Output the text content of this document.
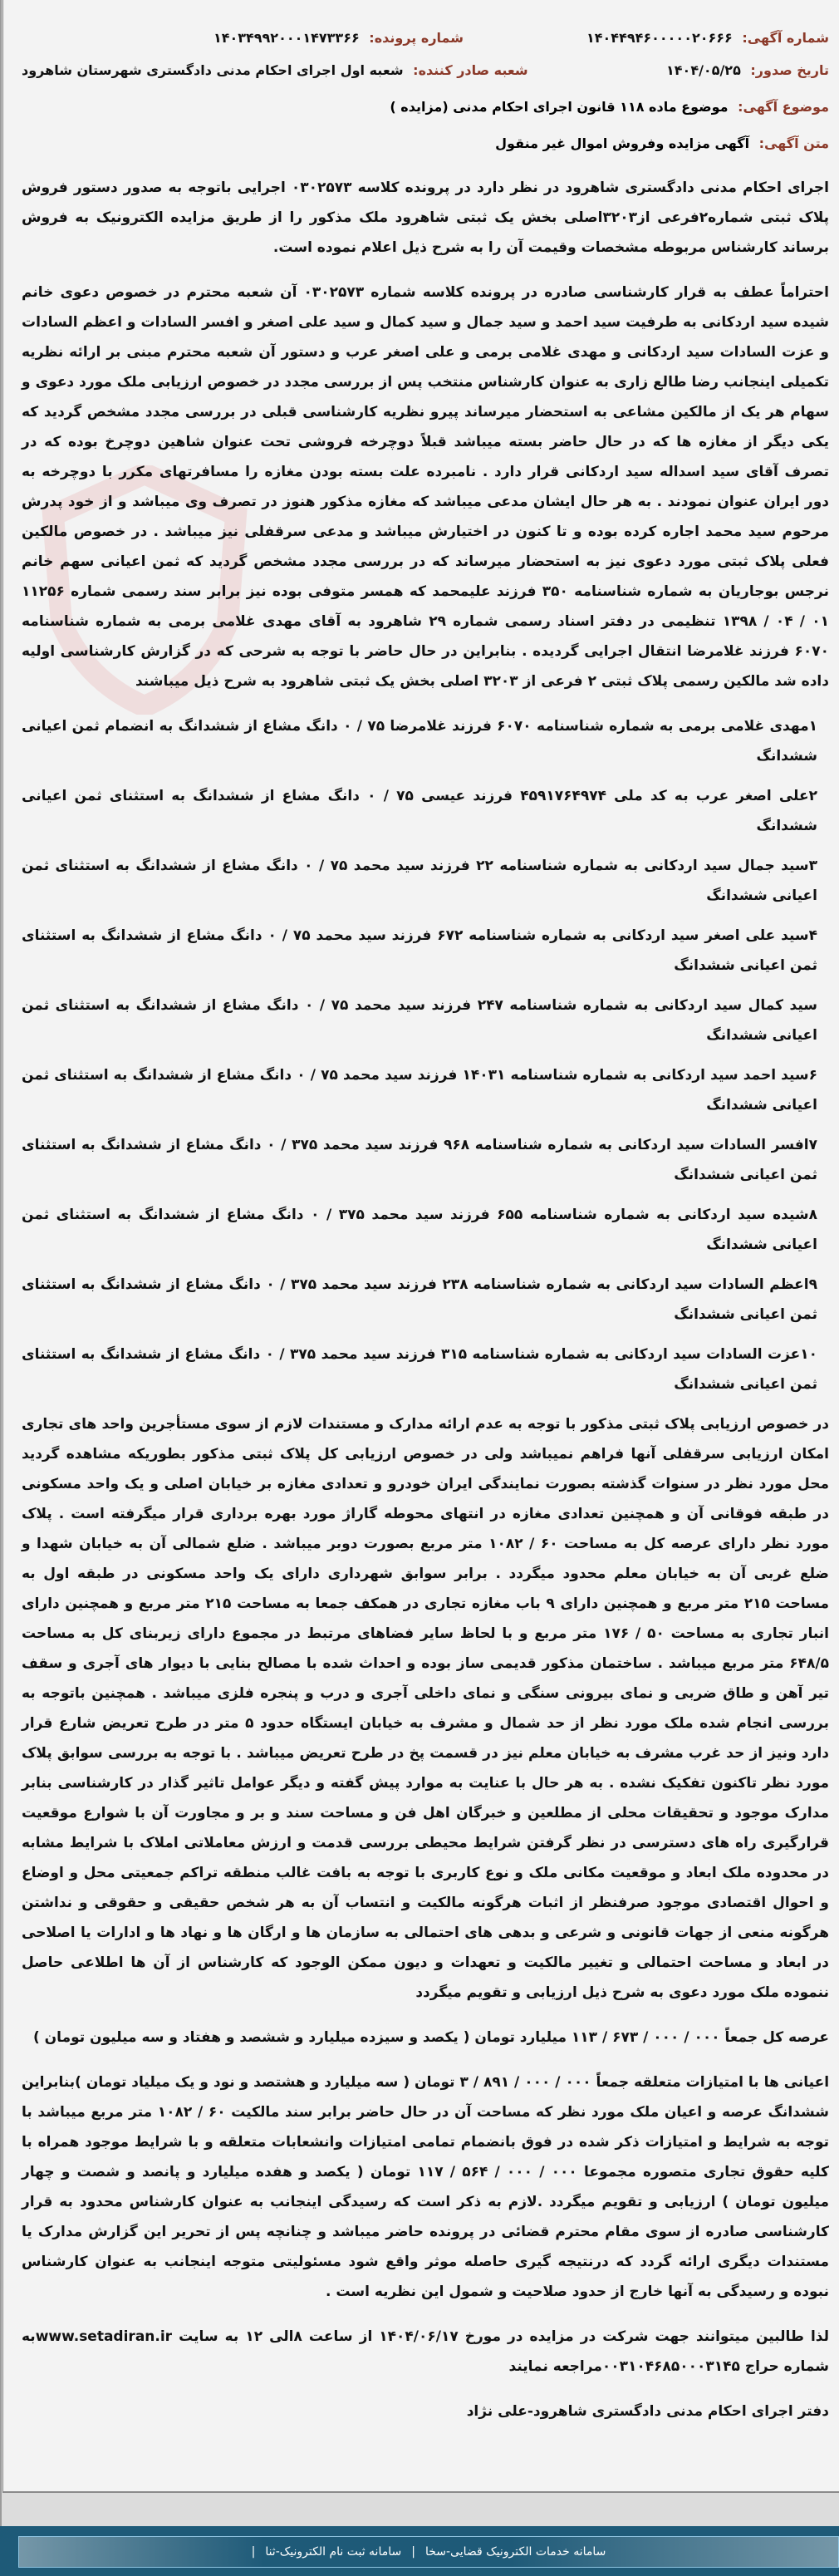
شماره آگهی: ۱۴۰۴۴۹۴۶۰۰۰۰۰۲۰۶۶۶
شماره پرونده: ۱۴۰۳۴۹۹۲۰۰۰۱۴۷۳۳۶۶
تاریخ صدور: ۱۴۰۴/۰۵/۲۵
شعبه صادر کننده: شعبه اول اجرای احکام مدنی دادگستری شهرستان شاهرود
موضوع آگهی: موضوع ماده ۱۱۸ قانون اجرای احکام مدنی (مزایده )
متن آگهی: آگهی مزایده وفروش اموال غیر منقول

اجرای احکام مدنی دادگستری شاهرود در نظر دارد در پرونده کلاسه ۰۳۰۲۵۷۳ اجرایی باتوجه به صدور دستور فروش پلاک ثبتی شماره۲فرعی از۳۲۰۳اصلی بخش یک ثبتی شاهرود ملک مذکور را از طریق مزایده الکترونیک به فروش برساند کارشناس مربوطه مشخصات وقیمت آن را به شرح ذیل اعلام نموده است.

احتراماً عطف به قرار کارشناسی صادره در پرونده کلاسه شماره ۰۳۰۲۵۷۳ آن شعبه محترم در خصوص دعوی خانم شیده سید اردکانی به طرفیت سید احمد و سید جمال و سید کمال و سید علی اصغر و افسر السادات و اعظم السادات و عزت السادات سید اردکانی و مهدی غلامی برمی و علی اصغر عرب و دستور آن شعبه محترم مبنی بر ارائه نظریه تکمیلی اینجانب رضا طالع زاری به عنوان کارشناس منتخب پس از بررسی مجدد در خصوص ارزیابی ملک مورد دعوی و سهام هر یک از مالکین مشاعی به استحضار میرساند پیرو نظریه کارشناسی قبلی در بررسی مجدد مشخص گردید که یکی دیگر از مغازه ها که در حال حاضر بسته میباشد قبلاً دوچرخه فروشی تحت عنوان شاهین دوچرخ بوده که در تصرف آقای سید اسداله سید اردکانی قرار دارد . نامبرده علت بسته بودن مغازه را مسافرتهای مکرر با دوچرخه به دور ایران عنوان نمودند . به هر حال ایشان مدعی میباشد که مغازه مذکور هنوز در تصرف وی میباشد و از خود پدرش مرحوم سید محمد اجاره کرده بوده و تا کنون در اختیارش میباشد و مدعی سرقفلی نیز میباشد . در خصوص مالکین فعلی پلاک ثبتی مورد دعوی نیز به استحضار میرساند که در بررسی مجدد مشخص گردید که ثمن اعیانی سهم خانم نرجس بوجاریان به شماره شناسنامه ۳۵۰ فرزند علیمحمد که همسر متوفی بوده نیز برابر سند رسمی شماره ۱۱۲۵۶ ۰۱ / ۰۴ / ۱۳۹۸ تنظیمی در دفتر اسناد رسمی شماره ۲۹ شاهرود به آقای مهدی غلامی برمی به شماره شناسنامه ۶۰۷۰ فرزند غلامرضا انتقال اجرایی گردیده . بنابراین در حال حاضر با توجه به شرحی که در گزارش کارشناسی اولیه داده شد مالکین رسمی پلاک ثبتی ۲ فرعی از ۳۲۰۳ اصلی بخش یک ثبتی شاهرود به شرح ذیل میباشند

۱مهدی غلامی برمی به شماره شناسنامه ۶۰۷۰ فرزند غلامرضا ۷۵ / ۰ دانگ مشاع از ششدانگ به انضمام ثمن اعیانی ششدانگ

۲علی اصغر عرب به کد ملی ۴۵۹۱۷۶۴۹۷۴ فرزند عیسی ۷۵ / ۰ دانگ مشاع از ششدانگ به استثنای ثمن اعیانی ششدانگ

۳سید جمال سید اردکانی به شماره شناسنامه ۲۲ فرزند سید محمد ۷۵ / ۰ دانگ مشاع از ششدانگ به استثنای ثمن اعیانی ششدانگ

۴سید علی اصغر سید اردکانی به شماره شناسنامه ۶۷۲ فرزند سید محمد ۷۵ / ۰ دانگ مشاع از ششدانگ به استثنای ثمن اعیانی ششدانگ

سید کمال سید اردکانی به شماره شناسنامه ۲۴۷ فرزند سید محمد ۷۵ / ۰ دانگ مشاع از ششدانگ به استثنای ثمن اعیانی ششدانگ

۶سید احمد سید اردکانی به شماره شناسنامه ۱۴۰۳۱ فرزند سید محمد ۷۵ / ۰ دانگ مشاع از ششدانگ به استثنای ثمن اعیانی ششدانگ

۷افسر السادات سید اردکانی به شماره شناسنامه ۹۶۸ فرزند سید محمد ۳۷۵ / ۰ دانگ مشاع از ششدانگ به استثنای ثمن اعیانی ششدانگ

۸شیده سید اردکانی به شماره شناسنامه ۶۵۵ فرزند سید محمد ۳۷۵ / ۰ دانگ مشاع از ششدانگ به استثنای ثمن اعیانی ششدانگ

۹اعظم السادات سید اردکانی به شماره شناسنامه ۲۳۸ فرزند سید محمد ۳۷۵ / ۰ دانگ مشاع از ششدانگ به استثنای ثمن اعیانی ششدانگ

۱۰عزت السادات سید اردکانی به شماره شناسنامه ۳۱۵ فرزند سید محمد ۳۷۵ / ۰ دانگ مشاع از ششدانگ به استثنای ثمن اعیانی ششدانگ

در خصوص ارزیابی پلاک ثبتی مذکور با توجه به عدم ارائه مدارک و مستندات لازم از سوی مستأجرین واحد های تجاری امکان ارزیابی سرقفلی آنها فراهم نمیباشد ولی در خصوص ارزیابی کل پلاک ثبتی مذکور بطوریکه مشاهده گردید محل مورد نظر در سنوات گذشته بصورت نمایندگی ایران خودرو و تعدادی مغازه بر خیابان اصلی و یک واحد مسکونی در طبقه فوقانی آن و همچنین تعدادی مغازه در انتهای محوطه گاراژ مورد بهره برداری قرار میگرفته است . پلاک مورد نظر دارای عرصه کل به مساحت ۶۰ / ۱۰۸۲ متر مربع بصورت دوبر میباشد . ضلع شمالی آن به خیابان شهدا و ضلع غربی آن به خیابان معلم محدود میگردد . برابر سوابق شهرداری دارای یک واحد مسکونی در طبقه اول به مساحت ۲۱۵ متر مربع و همچنین دارای ۹ باب مغازه تجاری در همکف جمعا به مساحت ۲۱۵ متر مربع و همچنین دارای انبار تجاری به مساحت ۵۰ / ۱۷۶ متر مربع و با لحاظ سایر فضاهای مرتبط در مجموع دارای زیربنای کل به مساحت ۶۴۸/۵ متر مربع میباشد . ساختمان مذکور قدیمی ساز بوده و احداث شده با مصالح بنایی با دیوار های آجری و سقف تیر آهن و طاق ضربی و نمای بیرونی سنگی و نمای داخلی آجری و درب و پنجره فلزی میباشد . همچنین باتوجه به بررسی انجام شده ملک مورد نظر از حد شمال و مشرف به خیابان ایستگاه حدود ۵ متر در طرح تعریض شارع قرار دارد ونیز از حد غرب مشرف به خیابان معلم نیز در قسمت پخ در طرح تعریض میباشد . با توجه به بررسی سوابق پلاک مورد نظر تاکنون تفکیک نشده . به هر حال با عنایت به موارد پیش گفته و دیگر عوامل تاثیر گذار در کارشناسی بنابر مدارک موجود و تحقیقات محلی از مطلعین و خبرگان اهل فن و مساحت سند و بر و مجاورت آن با شوارع موقعیت قرارگیری راه های دسترسی در نظر گرفتن شرایط محیطی بررسی قدمت و ارزش معاملاتی املاک با شرایط مشابه در محدوده ملک ابعاد و موقعیت مکانی ملک و نوع کاربری با توجه به بافت غالب منطقه تراکم جمعیتی محل و اوضاع و احوال اقتصادی موجود صرفنظر از اثبات هرگونه مالکیت و انتساب آن به هر شخص حقیقی و حقوقی و نداشتن هرگونه منعی از جهات قانونی و شرعی و بدهی های احتمالی به سازمان ها و ارگان ها و نهاد ها و ادارات یا اصلاحی در ابعاد و مساحت احتمالی و تغییر مالکیت و تعهدات و دیون ممکن الوجود که کارشناس از آن ها اطلاعی حاصل ننموده ملک مورد دعوی به شرح ذیل ارزیابی و تقویم میگردد

عرصه کل جمعاً ۰۰۰ / ۰۰۰ / ۶۷۳ / ۱۱۳ میلیارد تومان ( یکصد و سیزده میلیارد و ششصد و هفتاد و سه میلیون تومان )

اعیانی ها با امتیازات متعلقه جمعاً ۰۰۰ / ۰۰۰ / ۸۹۱ / ۳ تومان ( سه میلیارد و هشتصد و نود و یک میلیاد تومان )بنابراین ششدانگ عرصه و اعیان ملک مورد نظر که مساحت آن در حال حاضر برابر سند مالکیت ۶۰ / ۱۰۸۲ متر مربع میباشد با توجه به شرایط و امتیازات ذکر شده در فوق بانضمام تمامی امتیازات وانشعابات متعلقه و با شرایط موجود همراه با کلیه حقوق تجاری متصوره مجموعا ۰۰۰ / ۰۰۰ / ۵۶۴ / ۱۱۷ تومان ( یکصد و هفده میلیارد و پانصد و شصت و چهار میلیون تومان ) ارزیابی و تقویم میگردد .لازم به ذکر است که رسیدگی اینجانب به عنوان کارشناس محدود به قرار کارشناسی صادره از سوی مقام محترم قضائی در پرونده حاضر میباشد و چنانچه پس از تحریر این گزارش مدارک یا مستندات دیگری ارائه گردد که درنتیجه گیری حاصله موثر واقع شود مسئولیتی متوجه اینجانب به عنوان کارشناس نبوده و رسیدگی به آنها خارج از حدود صلاحیت و شمول این نظریه است .

لذا طالبین میتوانند جهت شرکت در مزایده در مورخ ۱۴۰۴/۰۶/۱۷ از ساعت ۸الی ۱۲ به سایت www.setadiran.irبه شماره حراج ۱۴۵‏۰۰۰۳‏۶۸۵‏۱۰۴‏۰۰۳مراجعه نمایند

دفتر اجرای احکام مدنی دادگستری شاهرود-علی نژاد

سامانه خدمات الکترونیک قضایی-سخا
|
سامانه ثبت نام الکترونیک-ثنا
|
